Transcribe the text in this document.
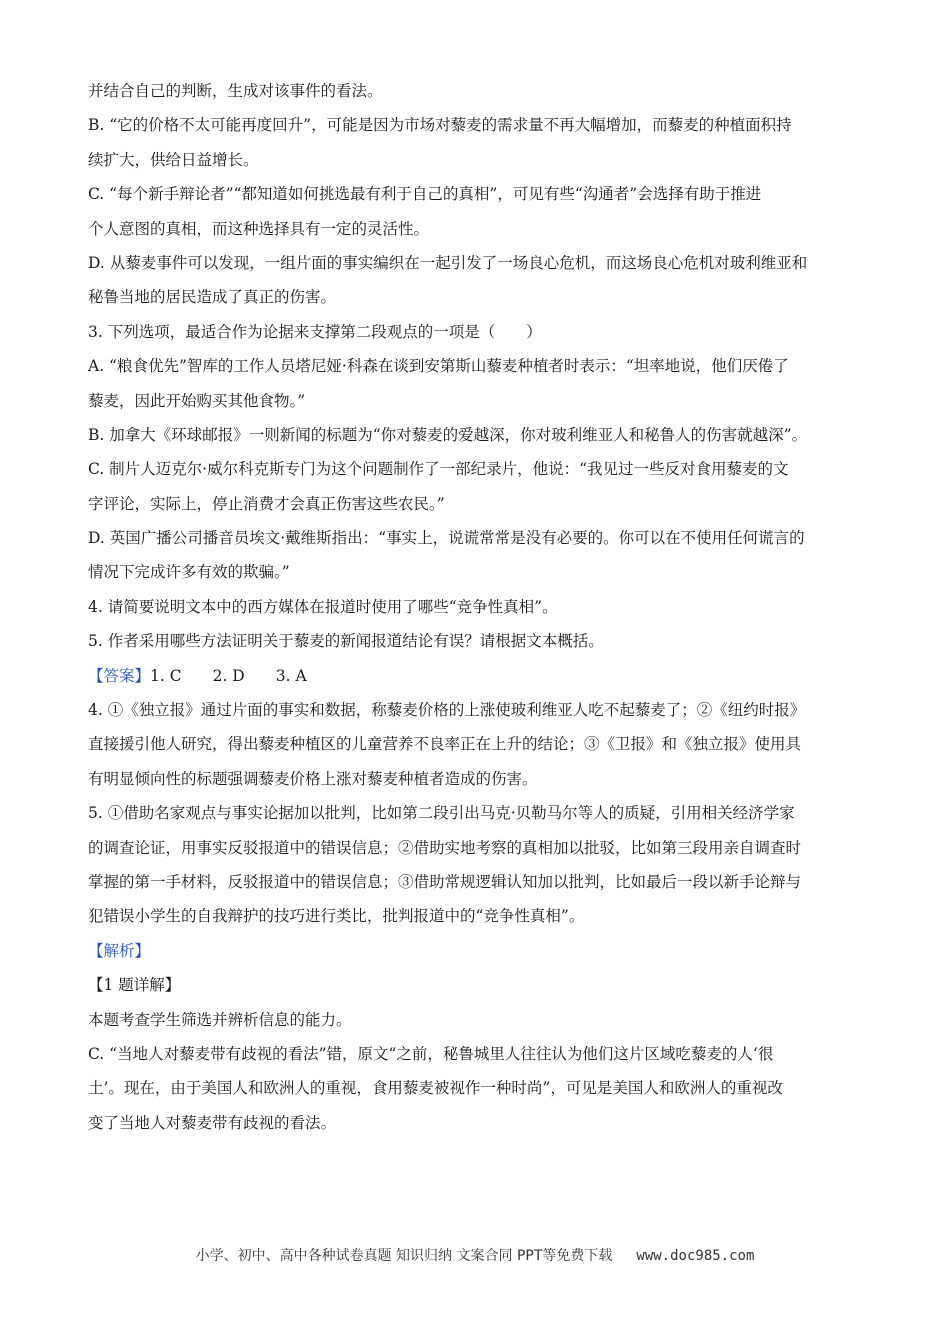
并结合自己的判断，生成对该事件的看法。
B. “它的价格不太可能再度回升”，可能是因为市场对藜麦的需求量不再大幅增加，而藜麦的种植面积持
续扩大，供给日益增长。
C. “每个新手辩论者”“都知道如何挑选最有利于自己的真相”，可见有些“沟通者”会选择有助于推进
个人意图的真相，而这种选择具有一定的灵活性。
D. 从藜麦事件可以发现，一组片面的事实编织在一起引发了一场良心危机，而这场良心危机对玻利维亚和
秘鲁当地的居民造成了真正的伤害。
3. 下列选项，最适合作为论据来支撑第二段观点的一项是（　　）
A. “粮食优先”智库的工作人员塔尼娅·科森在谈到安第斯山藜麦种植者时表示：“坦率地说，他们厌倦了
藜麦，因此开始购买其他食物。”
B. 加拿大《环球邮报》一则新闻的标题为“你对藜麦的爱越深，你对玻利维亚人和秘鲁人的伤害就越深”。
C. 制片人迈克尔·威尔科克斯专门为这个问题制作了一部纪录片，他说：“我见过一些反对食用藜麦的文
字评论，实际上，停止消费才会真正伤害这些农民。”
D. 英国广播公司播音员埃文·戴维斯指出：“事实上，说谎常常是没有必要的。你可以在不使用任何谎言的
情况下完成许多有效的欺骗。”
4. 请简要说明文本中的西方媒体在报道时使用了哪些“竞争性真相”。
5. 作者采用哪些方法证明关于藜麦的新闻报道结论有误？请根据文本概括。
【答案】1. C　　2. D　　3. A
4. ①《独立报》通过片面的事实和数据，称藜麦价格的上涨使玻利维亚人吃不起藜麦了；②《纽约时报》
直接援引他人研究，得出藜麦种植区的儿童营养不良率正在上升的结论；③《卫报》和《独立报》使用具
有明显倾向性的标题强调藜麦价格上涨对藜麦种植者造成的伤害。
5. ①借助名家观点与事实论据加以批判，比如第二段引出马克·贝勒马尔等人的质疑，引用相关经济学家
的调查论证，用事实反驳报道中的错误信息；②借助实地考察的真相加以批驳，比如第三段用亲自调查时
掌握的第一手材料，反驳报道中的错误信息；③借助常规逻辑认知加以批判，比如最后一段以新手论辩与
犯错误小学生的自我辩护的技巧进行类比，批判报道中的“竞争性真相”。
【解析】
【1 题详解】
本题考查学生筛选并辨析信息的能力。
C. “当地人对藜麦带有歧视的看法”错，原文“之前，秘鲁城里人往往认为他们这片区域吃藜麦的人‘很
土’。现在，由于美国人和欧洲人的重视，食用藜麦被视作一种时尚”，可见是美国人和欧洲人的重视改
变了当地人对藜麦带有歧视的看法。
小学、初中、高中各种试卷真题 知识归纳 文案合同 PPT等免费下载 www.doc985.com
